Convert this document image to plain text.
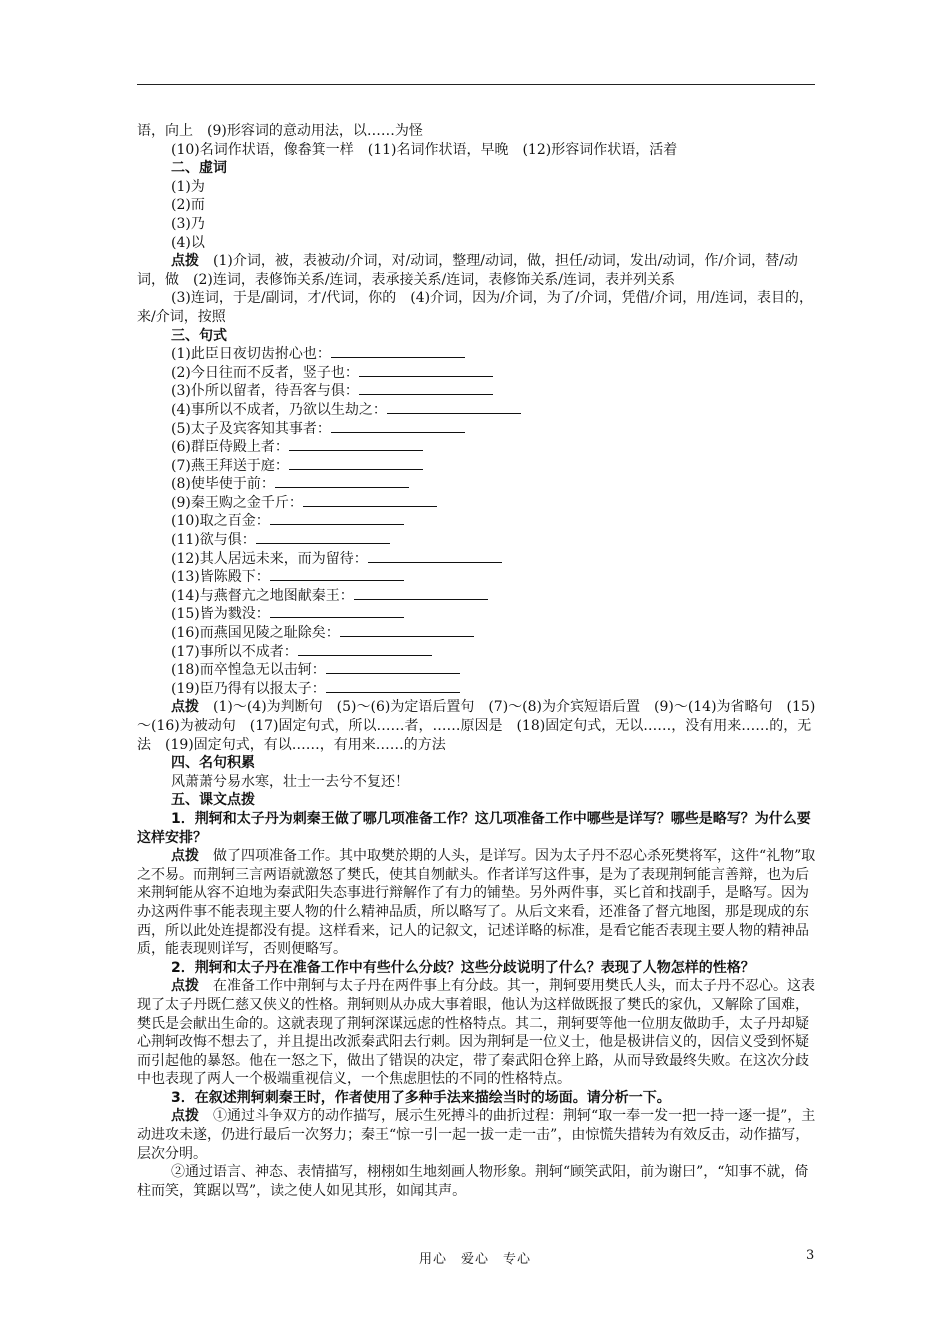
语，向上　(9)形容词的意动用法，以……为怪

(10)名词作状语，像畚箕一样　(11)名词作状语，早晚　(12)形容词作状语，活着

二、虚词

(1)为

(2)而

(3)乃

(4)以

点拨　(1)介词，被，表被动/介词，对/动词，整理/动词，做，担任/动词，发出/动词，作/介词，替/动词，做　(2)连词，表修饰关系/连词，表承接关系/连词，表修饰关系/连词，表并列关系

(3)连词，于是/副词，才/代词，你的　(4)介词，因为/介词，为了/介词，凭借/介词，用/连词，表目的，来/介词，按照

三、句式

(1)此臣日夜切齿拊心也：

(2)今日往而不反者，竖子也：

(3)仆所以留者，待吾客与俱：

(4)事所以不成者，乃欲以生劫之：

(5)太子及宾客知其事者：

(6)群臣侍殿上者：

(7)燕王拜送于庭：

(8)使毕使于前：

(9)秦王购之金千斤：

(10)取之百金：

(11)欲与俱：

(12)其人居远未来，而为留待：

(13)皆陈殿下：

(14)与燕督亢之地图献秦王：

(15)皆为戮没：

(16)而燕国见陵之耻除矣：

(17)事所以不成者：

(18)而卒惶急无以击轲：

(19)臣乃得有以报太子：

点拨　(1)～(4)为判断句　(5)～(6)为定语后置句　(7)～(8)为介宾短语后置　(9)～(14)为省略句　(15)～(16)为被动句　(17)固定句式，所以……者，……原因是　(18)固定句式，无以……，没有用来……的，无法　(19)固定句式，有以……，有用来……的方法

四、名句积累

风萧萧兮易水寒，壮士一去兮不复还！

五、课文点拨

1．荆轲和太子丹为刺秦王做了哪几项准备工作？这几项准备工作中哪些是详写？哪些是略写？为什么要这样安排？

点拨　做了四项准备工作。其中取樊於期的人头，是详写。因为太子丹不忍心杀死樊将军，这件“礼物”取之不易。而荆轲三言两语就激怒了樊氏，使其自刎献头。作者详写这件事，是为了表现荆轲能言善辩，也为后来荆轲能从容不迫地为秦武阳失态事进行辩解作了有力的铺垫。另外两件事，买匕首和找副手，是略写。因为办这两件事不能表现主要人物的什么精神品质，所以略写了。从后文来看，还准备了督亢地图，那是现成的东西，所以此处连提都没有提。这样看来，记人的记叙文，记述详略的标准，是看它能否表现主要人物的精神品质，能表现则详写，否则便略写。

2．荆轲和太子丹在准备工作中有些什么分歧？这些分歧说明了什么？表现了人物怎样的性格？

点拨　在准备工作中荆轲与太子丹在两件事上有分歧。其一，荆轲要用樊氏人头，而太子丹不忍心。这表现了太子丹既仁慈又侠义的性格。荆轲则从办成大事着眼，他认为这样做既报了樊氏的家仇，又解除了国难，樊氏是会献出生命的。这就表现了荆轲深谋远虑的性格特点。其二，荆轲要等他一位朋友做助手，太子丹却疑心荆轲改悔不想去了，并且提出改派秦武阳去行刺。因为荆轲是一位义士，他是极讲信义的，因信义受到怀疑而引起他的暴怒。他在一怒之下，做出了错误的决定，带了秦武阳仓猝上路，从而导致最终失败。在这次分歧中也表现了两人一个极端重视信义，一个焦虑胆怯的不同的性格特点。

3．在叙述荆轲刺秦王时，作者使用了多种手法来描绘当时的场面。请分析一下。

点拨　①通过斗争双方的动作描写，展示生死搏斗的曲折过程：荆轲“取一奉一发一把一持一逐一提”，主动进攻未遂，仍进行最后一次努力；秦王“惊一引一起一拔一走一击”，由惊慌失措转为有效反击，动作描写，层次分明。

②通过语言、神态、表情描写，栩栩如生地刻画人物形象。荆轲“顾笑武阳，前为谢曰”，“知事不就，倚柱而笑，箕踞以骂”，读之使人如见其形，如闻其声。

用心　爱心　专心	3
